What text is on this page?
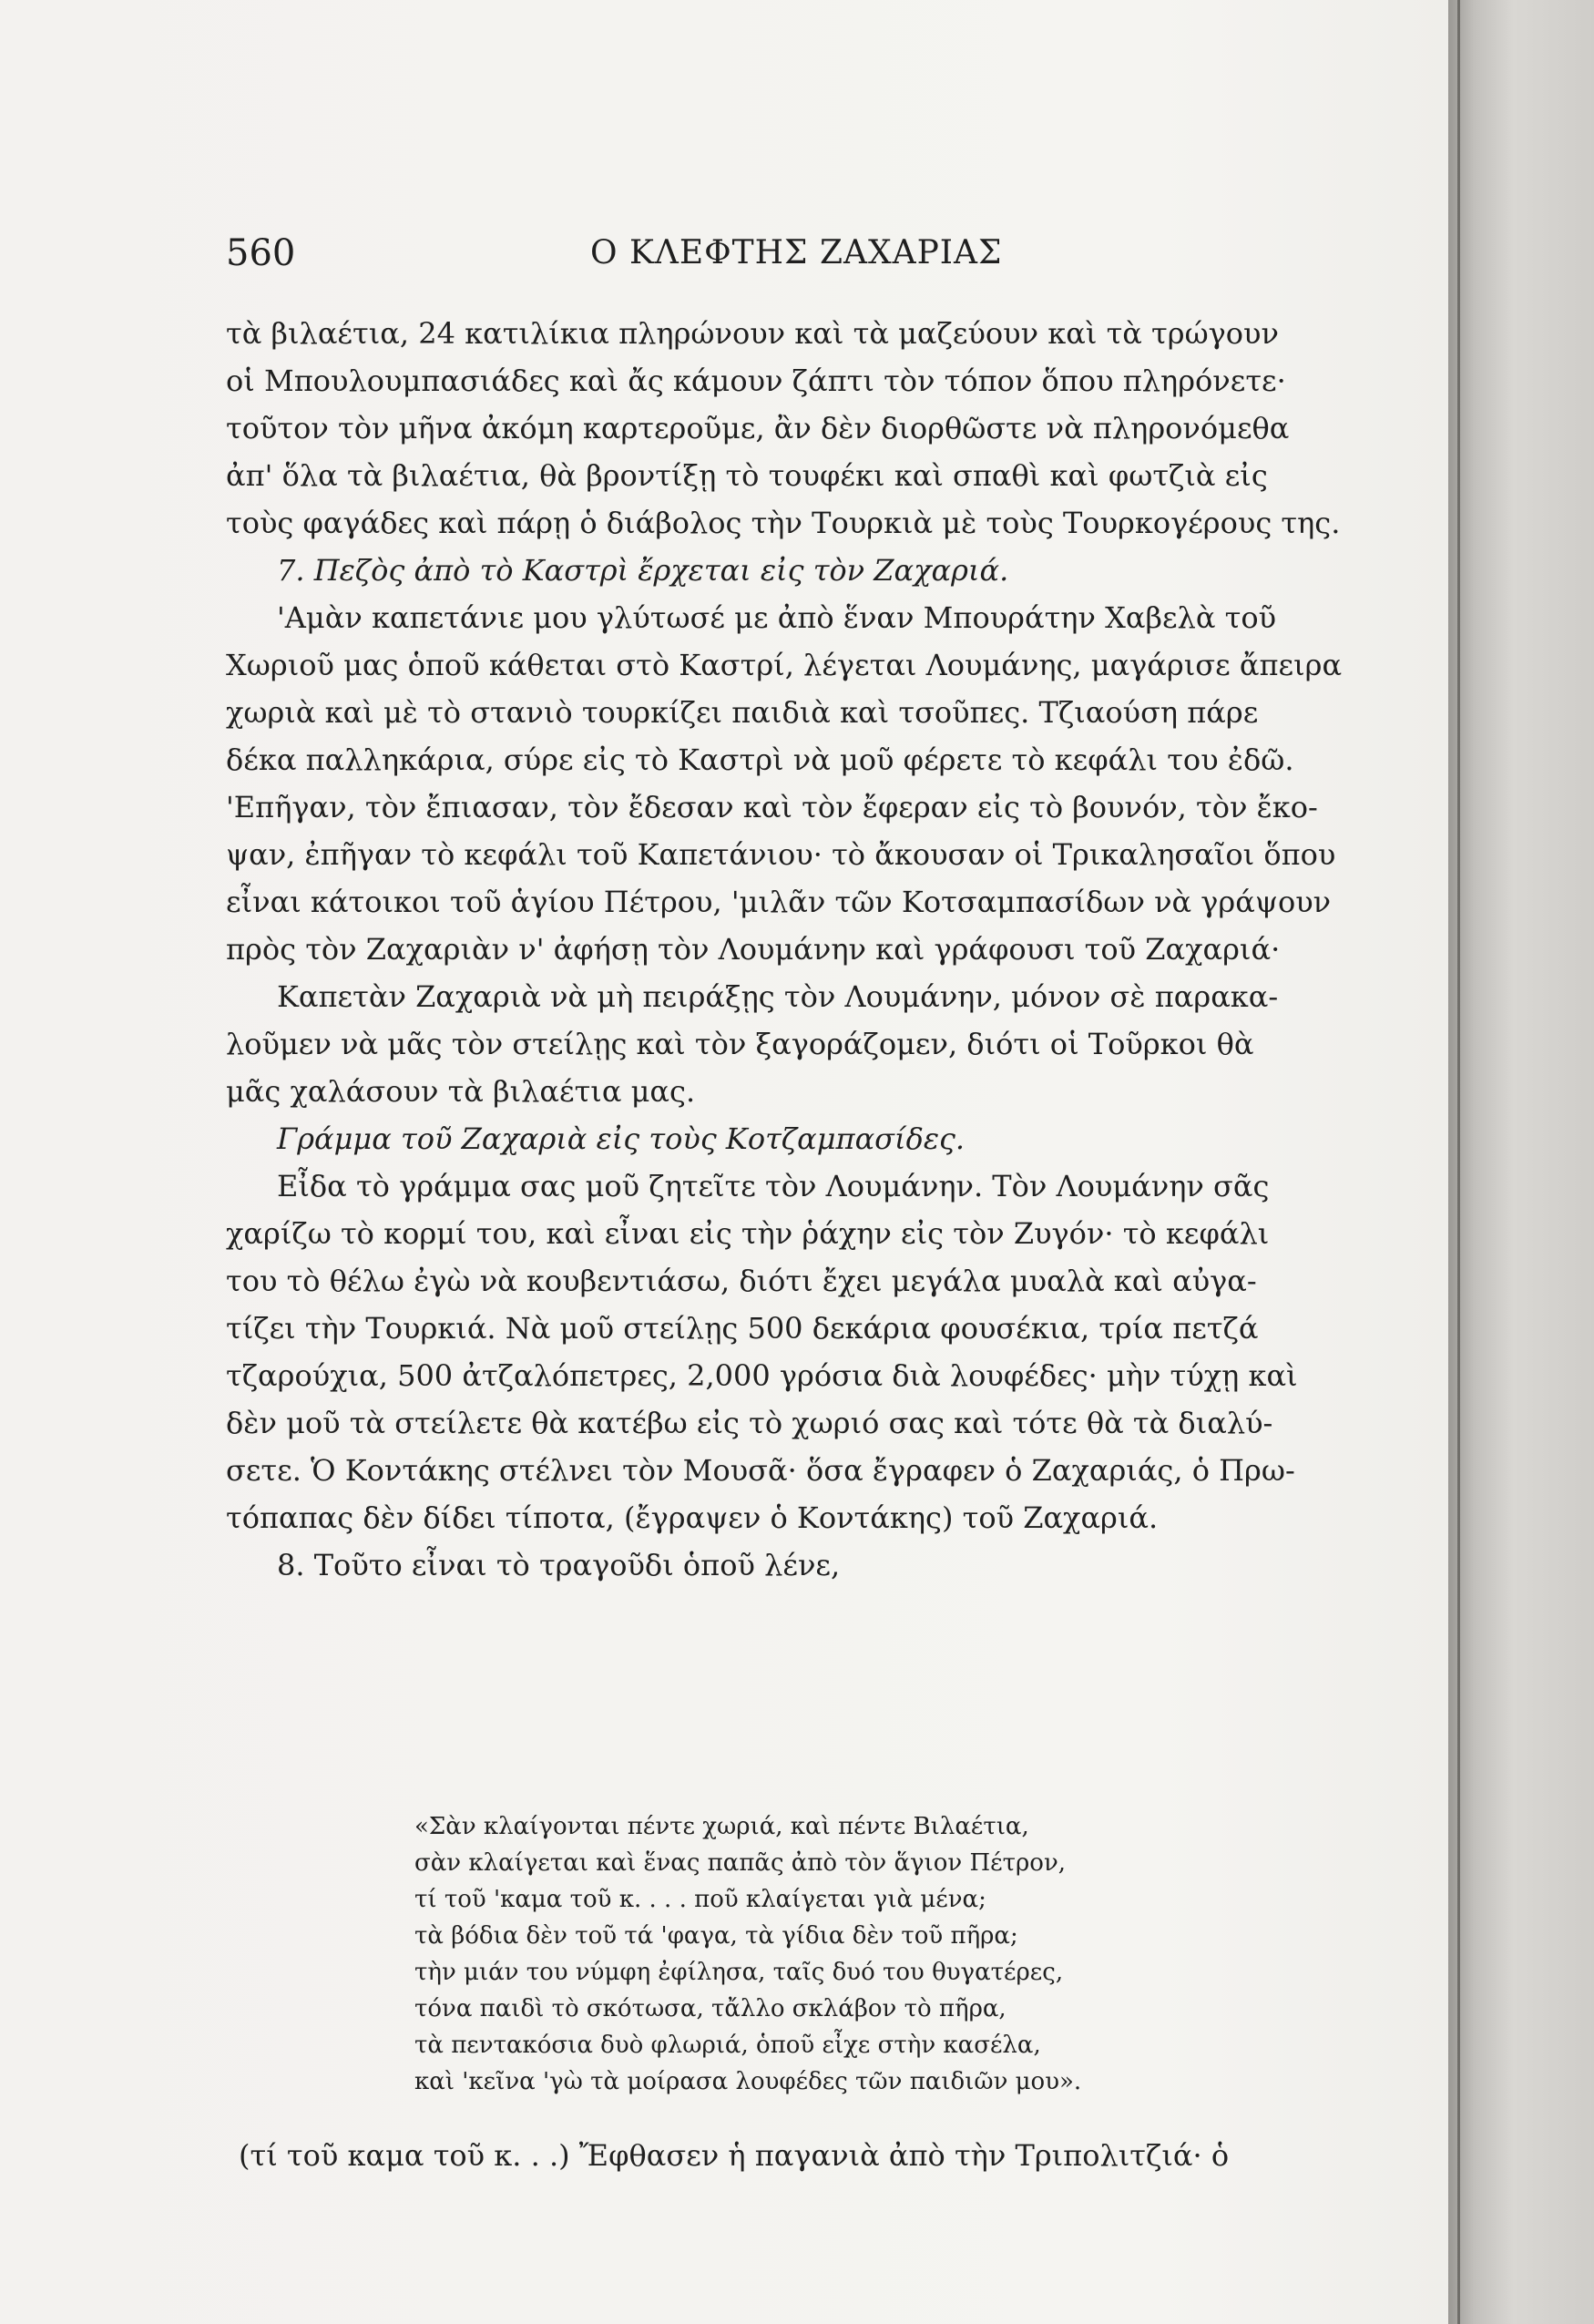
560	Ο ΚΛΕΦΤΗΣ ΖΑΧΑΡΙΑΣ
τὰ βιλαέτια, 24 κατιλίκια πληρώνουν καὶ τὰ μαζεύουν καὶ τὰ τρώγουν
οἱ Μπουλουμπασιάδες καὶ ἄς κάμουν ζάπτι τὸν τόπον ὅπου πληρόνετε·
τοῦτον τὸν μῆνα ἀκόμη καρτεροῦμε, ἂν δὲν διορθῶστε νὰ πληρονόμεθα
ἀπ' ὅλα τὰ βιλαέτια, θὰ βροντίξῃ τὸ τουφέκι καὶ σπαθὶ καὶ φωτζιὰ εἰς
τοὺς φαγάδες καὶ πάρῃ ὁ διάβολος τὴν Τουρκιὰ μὲ τοὺς Τουρκογέρους της.
7. Πεζὸς ἀπὸ τὸ Καστρὶ ἔρχεται εἰς τὸν Ζαχαριά.
'Αμὰν καπετάνιε μου γλύτωσέ με ἀπὸ ἕναν Μπουράτην Χαβελὰ τοῦ
Χωριοῦ μας ὁποῦ κάθεται στὸ Καστρί, λέγεται Λουμάνης, μαγάρισε ἄπειρα
χωριὰ καὶ μὲ τὸ στανιὸ τουρκίζει παιδιὰ καὶ τσοῦπες. Τζιαούση πάρε
δέκα παλληκάρια, σύρε εἰς τὸ Καστρὶ νὰ μοῦ φέρετε τὸ κεφάλι του ἐδῶ.
'Επῆγαν, τὸν ἔπιασαν, τὸν ἔδεσαν καὶ τὸν ἔφεραν εἰς τὸ βουνόν, τὸν ἔκο-
ψαν, ἐπῆγαν τὸ κεφάλι τοῦ Καπετάνιου· τὸ ἄκουσαν οἱ Τρικαλησαῖοι ὅπου
εἶναι κάτοικοι τοῦ ἁγίου Πέτρου, 'μιλᾶν τῶν Κοτσαμπασίδων νὰ γράψουν
πρὸς τὸν Ζαχαριὰν ν' ἀφήσῃ τὸν Λουμάνην καὶ γράφουσι τοῦ Ζαχαριά·
Καπετὰν Ζαχαριὰ νὰ μὴ πειράξῃς τὸν Λουμάνην, μόνον σὲ παρακα-
λοῦμεν νὰ μᾶς τὸν στείλῃς καὶ τὸν ξαγοράζομεν, διότι οἱ Τοῦρκοι θὰ
μᾶς χαλάσουν τὰ βιλαέτια μας.
Γράμμα τοῦ Ζαχαριὰ εἰς τοὺς Κοτζαμπασίδες.
Εἶδα τὸ γράμμα σας μοῦ ζητεῖτε τὸν Λουμάνην. Τὸν Λουμάνην σᾶς
χαρίζω τὸ κορμί του, καὶ εἶναι εἰς τὴν ῥάχην εἰς τὸν Ζυγόν· τὸ κεφάλι
του τὸ θέλω ἐγὼ νὰ κουβεντιάσω, διότι ἔχει μεγάλα μυαλὰ καὶ αὐγα-
τίζει τὴν Τουρκιά. Νὰ μοῦ στείλῃς 500 δεκάρια φουσέκια, τρία πετζά
τζαρούχια, 500 ἀτζαλόπετρες, 2,000 γρόσια διὰ λουφέδες· μὴν τύχῃ καὶ
δὲν μοῦ τὰ στείλετε θὰ κατέβω εἰς τὸ χωριό σας καὶ τότε θὰ τὰ διαλύ-
σετε. Ὁ Κοντάκης στέλνει τὸν Μουσᾶ· ὅσα ἔγραφεν ὁ Ζαχαριάς, ὁ Πρω-
τόπαπας δὲν δίδει τίποτα, (ἔγραψεν ὁ Κοντάκης) τοῦ Ζαχαριά.
8. Τοῦτο εἶναι τὸ τραγοῦδι ὁποῦ λένε,
«Σὰν κλαίγονται πέντε χωριά, καὶ πέντε Βιλαέτια,
σὰν κλαίγεται καὶ ἕνας παπᾶς ἀπὸ τὸν ἅγιον Πέτρον,
τί τοῦ 'καμα τοῦ κ. . . . ποῦ κλαίγεται γιὰ μένα;
τὰ βόδια δὲν τοῦ τά 'φαγα, τὰ γίδια δὲν τοῦ πῆρα;
τὴν μιάν του νύμφη ἐφίλησα, ταῖς δυό του θυγατέρες,
τόνα παιδὶ τὸ σκότωσα, τἄλλο σκλάβον τὸ πῆρα,
τὰ πεντακόσια δυὸ φλωριά, ὁποῦ εἶχε στὴν κασέλα,
καὶ 'κεῖνα 'γὼ τὰ μοίρασα λουφέδες τῶν παιδιῶν μου».
(τί τοῦ καμα τοῦ κ. . .) Ἔφθασεν ἡ παγανιὰ ἀπὸ τὴν Τριπολιτζιά· ὁ
